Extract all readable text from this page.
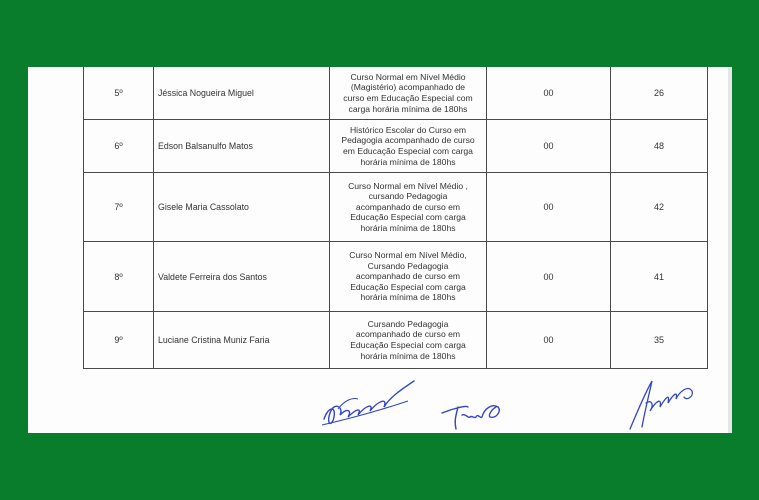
5º	Jéssica Nogueira Miguel	Curso Normal em Nível Médio
(Magistério) acompanhado de
curso em Educação Especial com
carga horária mínima de 180hs	00	26
6º	Edson Balsanulfo Matos	Histórico Escolar do Curso em
Pedagogia acompanhado de curso
em Educação Especial com carga
horária mínima de 180hs	00	48
7º	Gisele Maria Cassolato	Curso Normal em Nível Médio ,
cursando Pedagogia
acompanhado de curso em
Educação Especial com carga
horária mínima de 180hs	00	42
8º	Valdete Ferreira dos Santos	Curso Normal em Nível Médio,
Cursando Pedagogia
acompanhado de curso em
Educação Especial com carga
horária mínima de 180hs	00	41
9º	Luciane Cristina Muniz Faria	Cursando Pedagogia
acompanhado de curso em
Educação Especial com carga
horária mínima de 180hs	00	35
